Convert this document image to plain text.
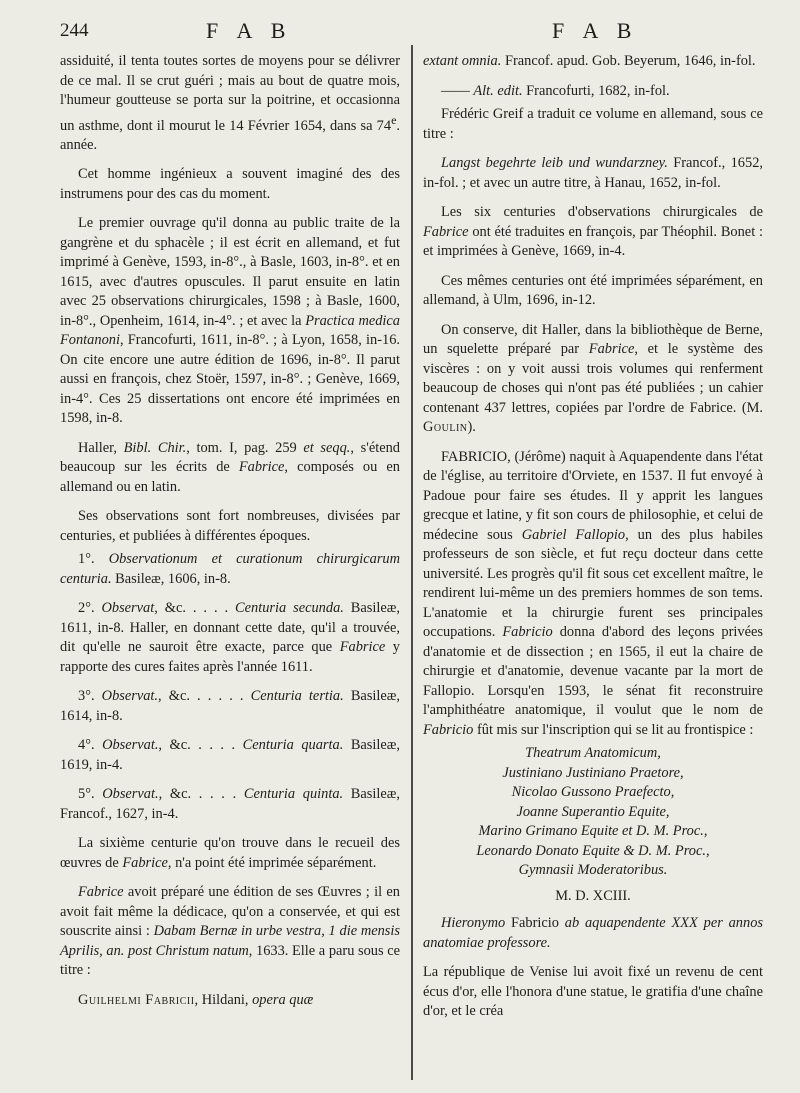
244	F A B	F A B

assiduité, il tenta toutes sortes de moyens pour se délivrer de ce mal. Il se crut guéri ; mais au bout de quatre mois, l'humeur goutteuse se porta sur la poitrine, et occasionna un asthme, dont il mourut le 14 Février 1654, dans sa 74e. année.

Cet homme ingénieux a souvent imaginé des des instrumens pour des cas du moment.

Le premier ouvrage qu'il donna au public traite de la gangrène et du sphacèle ; il est écrit en allemand, et fut imprimé à Genève, 1593, in-8°., à Basle, 1603, in-8°. et en 1615, avec d'autres opuscules. Il parut ensuite en latin avec 25 observations chirurgicales, 1598 ; à Basle, 1600, in-8°., Openheim, 1614, in-4°. ; et avec la Practica medica Fontanoni, Francofurti, 1611, in-8°. ; à Lyon, 1658, in-16. On cite encore une autre édition de 1696, in-8°. Il parut aussi en françois, chez Stoër, 1597, in-8°. ; Genève, 1669, in-4°. Ces 25 dissertations ont encore été imprimées en 1598, in-8.

Haller, Bibl. Chir., tom. I, pag. 259 et seqq., s'étend beaucoup sur les écrits de Fabrice, composés ou en allemand ou en latin.

Ses observations sont fort nombreuses, divisées par centuries, et publiées à différentes époques.

1°. Observationum et curationum chirurgicarum centuria. Basileæ, 1606, in-8.

2°. Observat, &c. . . . . Centuria secunda. Basileæ, 1611, in-8. Haller, en donnant cette date, qu'il a trouvée, dit qu'elle ne sauroit être exacte, parce que Fabrice y rapporte des cures faites après l'année 1611.

3°. Observat., &c. . . . . . Centuria tertia. Basileæ, 1614, in-8.

4°. Observat., &c. . . . . Centuria quarta. Basileæ, 1619, in-4.

5°. Observat., &c. . . . . Centuria quinta. Basileæ, Francof., 1627, in-4.

La sixième centurie qu'on trouve dans le recueil des œuvres de Fabrice, n'a point été imprimée séparément.

Fabrice avoit préparé une édition de ses Œuvres ; il en avoit fait même la dédicace, qu'on a conservée, et qui est souscrite ainsi : Dabam Bernæ in urbe vestra, 1 die mensis Aprilis, an. post Christum natum, 1633. Elle a paru sous ce titre :

Guilhelmi Fabricii, Hildani, opera quæ

extant omnia. Francof. apud. Gob. Beyerum, 1646, in-fol.

—— Alt. edit. Francofurti, 1682, in-fol.

Frédéric Greif a traduit ce volume en allemand, sous ce titre :

Langst begehrte leib und wundarzney. Francof., 1652, in-fol. ; et avec un autre titre, à Hanau, 1652, in-fol.

Les six centuries d'observations chirurgicales de Fabrice ont été traduites en françois, par Théophil. Bonet : et imprimées à Genève, 1669, in-4.

Ces mêmes centuries ont été imprimées séparément, en allemand, à Ulm, 1696, in-12.

On conserve, dit Haller, dans la bibliothèque de Berne, un squelette préparé par Fabrice, et le système des viscères : on y voit aussi trois volumes qui renferment beaucoup de choses qui n'ont pas été publiées ; un cahier contenant 437 lettres, copiées par l'ordre de Fabrice. (M. Goulin).

FABRICIO, (Jérôme) naquit à Aquapendente dans l'état de l'église, au territoire d'Orviete, en 1537. Il fut envoyé à Padoue pour faire ses études. Il y apprit les langues grecque et latine, y fit son cours de philosophie, et celui de médecine sous Gabriel Fallopio, un des plus habiles professeurs de son siècle, et fut reçu docteur dans cette université. Les progrès qu'il fit sous cet excellent maître, le rendirent lui-même un des premiers hommes de son tems. L'anatomie et la chirurgie furent ses principales occupations. Fabricio donna d'abord des leçons privées d'anatomie et de dissection ; en 1565, il eut la chaire de chirurgie et d'anatomie, devenue vacante par la mort de Fallopio. Lorsqu'en 1593, le sénat fit reconstruire l'amphithéatre anatomique, il voulut que le nom de Fabricio fût mis sur l'inscription qui se lit au frontispice :

Theatrum Anatomicum,

Justiniano Justiniano Praetore,

Nicolao Gussono Praefecto,

Joanne Superantio Equite,

Marino Grimano Equite et D. M. Proc.,

Leonardo Donato Equite & D. M. Proc.,

Gymnasii Moderatoribus.

M. D. XCIII.

Hieronymo Fabricio ab aquapendente XXX per annos anatomiae professore.

La république de Venise lui avoit fixé un revenu de cent écus d'or, elle l'honora d'une statue, le gratifia d'une chaîne d'or, et le créa
